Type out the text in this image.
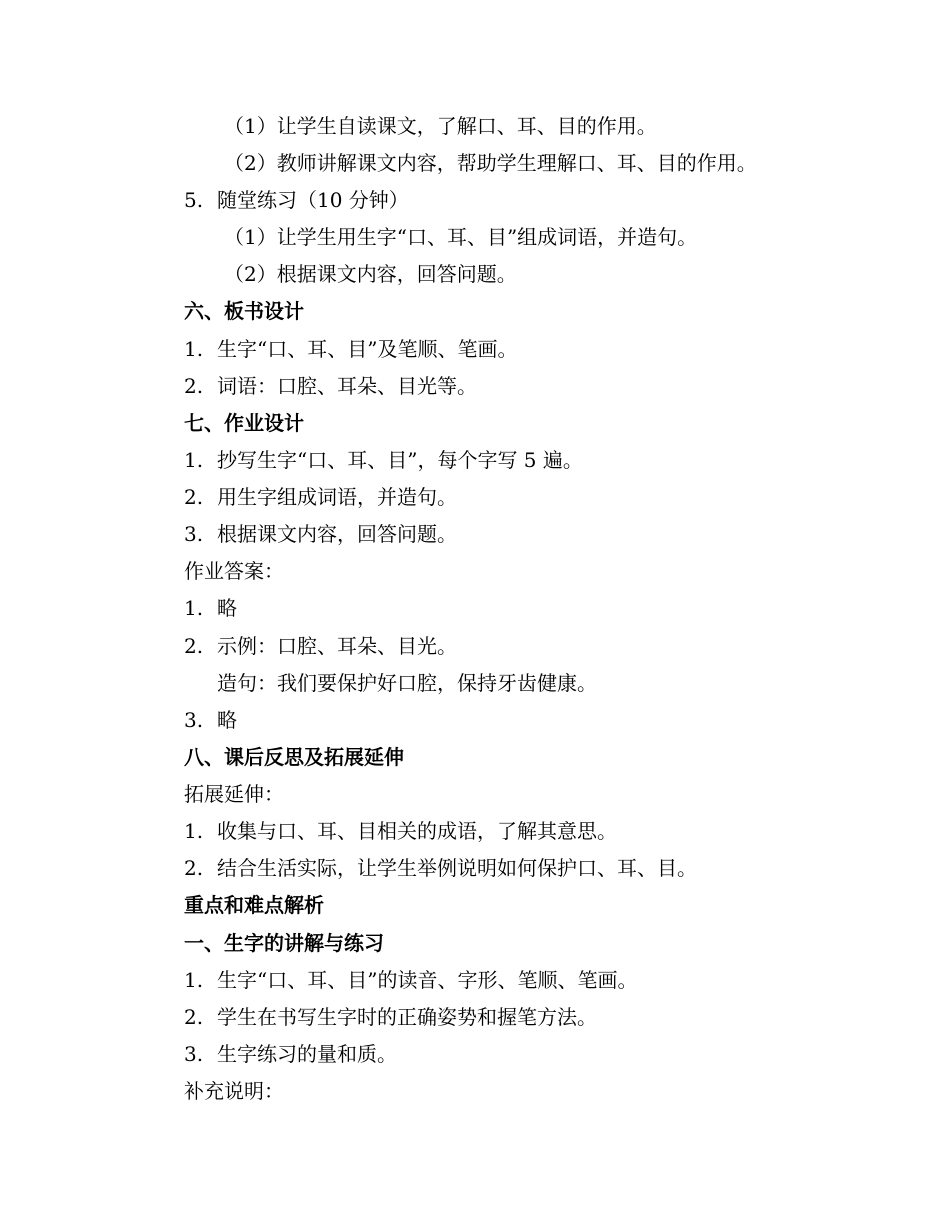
（1）让学生自读课文，了解口、耳、目的作用。
（2）教师讲解课文内容，帮助学生理解口、耳、目的作用。
5. 随堂练习（10 分钟）
（1）让学生用生字“口、耳、目”组成词语，并造句。
（2）根据课文内容，回答问题。
六、板书设计
1. 生字“口、耳、目”及笔顺、笔画。
2. 词语：口腔、耳朵、目光等。
七、作业设计
1. 抄写生字“口、耳、目”，每个字写 5 遍。
2. 用生字组成词语，并造句。
3. 根据课文内容，回答问题。
作业答案：
1. 略
2. 示例：口腔、耳朵、目光。
造句：我们要保护好口腔，保持牙齿健康。
3. 略
八、课后反思及拓展延伸
拓展延伸：
1. 收集与口、耳、目相关的成语，了解其意思。
2. 结合生活实际，让学生举例说明如何保护口、耳、目。
重点和难点解析
一、生字的讲解与练习
1. 生字“口、耳、目”的读音、字形、笔顺、笔画。
2. 学生在书写生字时的正确姿势和握笔方法。
3. 生字练习的量和质。
补充说明：
